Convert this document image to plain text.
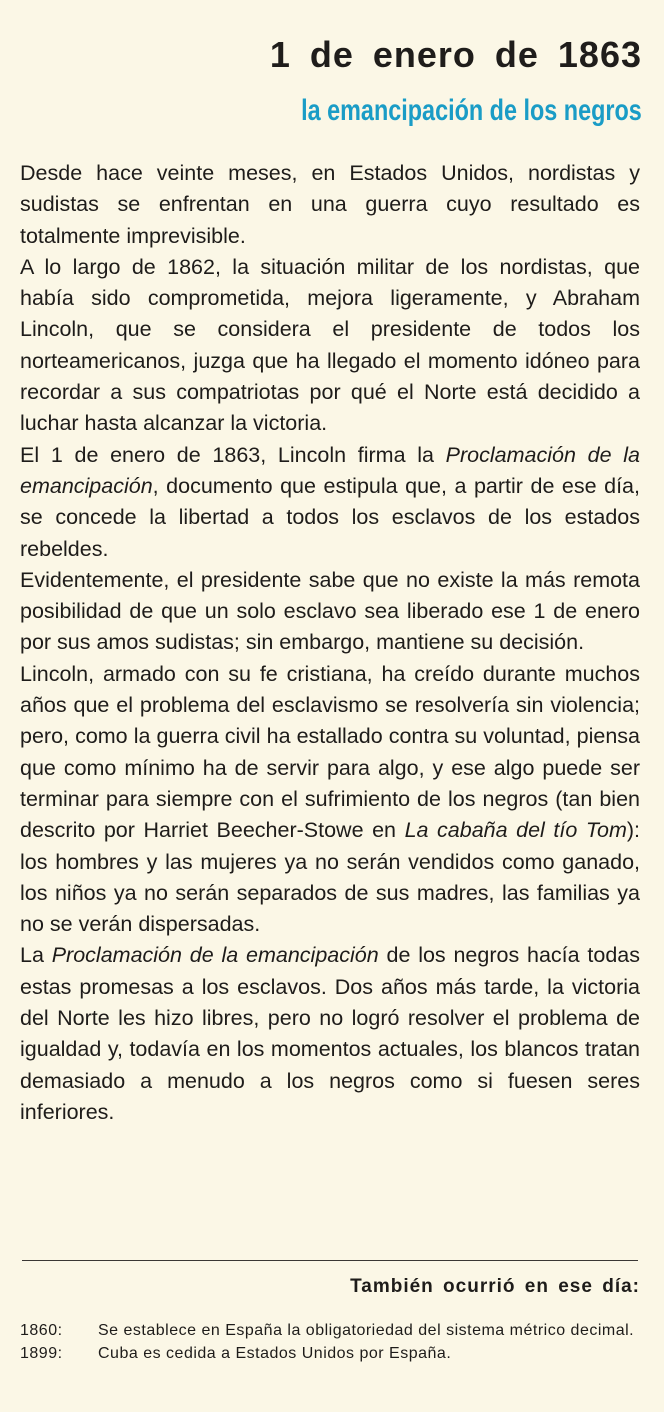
1 de enero de 1863
la emancipación de los negros

Desde hace veinte meses, en Estados Unidos, nordistas y sudistas se enfrentan en una guerra cuyo resultado es totalmente imprevisible.

A lo largo de 1862, la situación militar de los nordistas, que había sido comprometida, mejora ligeramente, y Abraham Lincoln, que se considera el presidente de todos los norteamericanos, juzga que ha llegado el momento idóneo para recordar a sus compatriotas por qué el Norte está decidido a luchar hasta alcanzar la victoria.

El 1 de enero de 1863, Lincoln firma la Proclamación de la emancipación, documento que estipula que, a partir de ese día, se concede la libertad a todos los esclavos de los estados rebeldes.

Evidentemente, el presidente sabe que no existe la más remota posibilidad de que un solo esclavo sea liberado ese 1 de enero por sus amos sudistas; sin embargo, mantiene su decisión.

Lincoln, armado con su fe cristiana, ha creído durante muchos años que el problema del esclavismo se resolvería sin violencia; pero, como la guerra civil ha estallado contra su voluntad, piensa que como mínimo ha de servir para algo, y ese algo puede ser terminar para siempre con el sufrimiento de los negros (tan bien descrito por Harriet Beecher-Stowe en La cabaña del tío Tom): los hombres y las mujeres ya no serán vendidos como ganado, los niños ya no serán separados de sus madres, las familias ya no se verán dispersadas.

La Proclamación de la emancipación de los negros hacía todas estas promesas a los esclavos. Dos años más tarde, la victoria del Norte les hizo libres, pero no logró resolver el problema de igualdad y, todavía en los momentos actuales, los blancos tratan demasiado a menudo a los negros como si fuesen seres inferiores.

También ocurrió en ese día:
1860:	Se establece en España la obligatoriedad del sistema métrico decimal.
1899:	Cuba es cedida a Estados Unidos por España.
